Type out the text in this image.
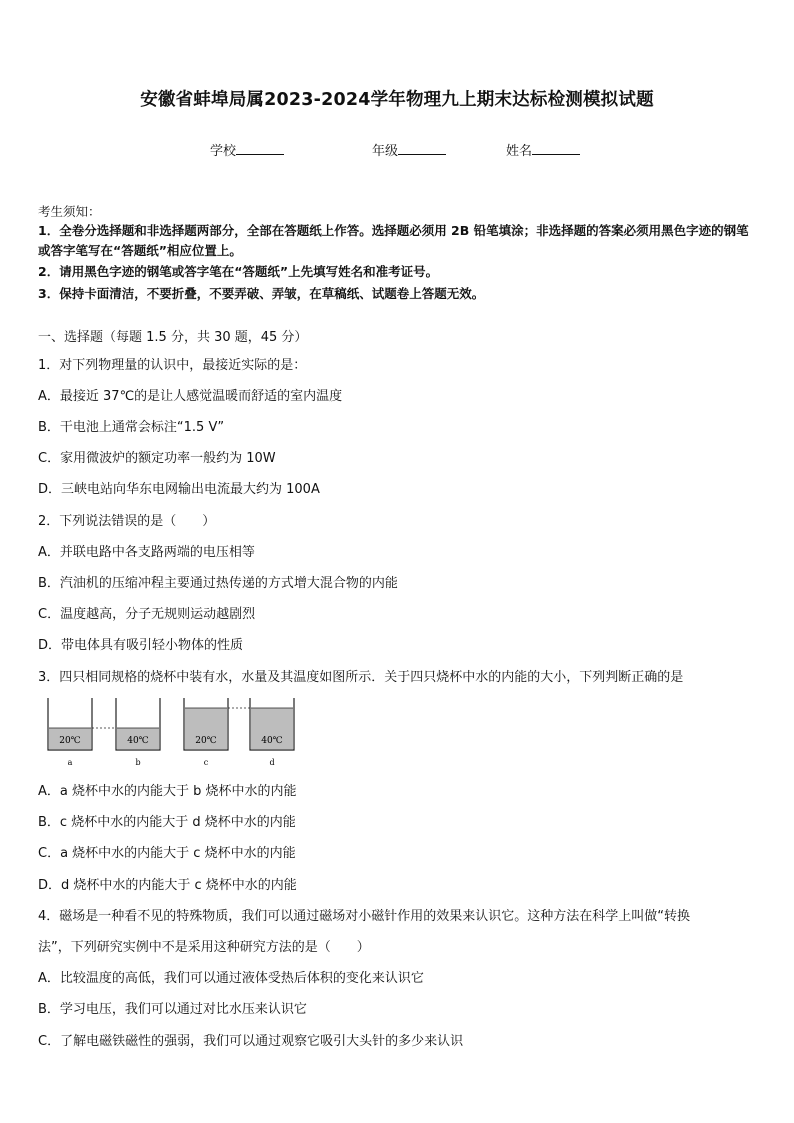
安徽省蚌埠局属2023-2024学年物理九上期末达标检测模拟试题
学校	年级	姓名
考生须知：
1．全卷分选择题和非选择题两部分，全部在答题纸上作答。选择题必须用 2B 铅笔填涂；非选择题的答案必须用黑色字迹的钢笔或答字笔写在“答题纸”相应位置上。
2．请用黑色字迹的钢笔或答字笔在“答题纸”上先填写姓名和准考证号。
3．保持卡面清洁，不要折叠，不要弄破、弄皱，在草稿纸、试题卷上答题无效。
一、选择题（每题 1.5 分，共 30 题，45 分）
1．对下列物理量的认识中，最接近实际的是：
A．最接近 37℃的是让人感觉温暖而舒适的室内温度
B．干电池上通常会标注“1.5 V”
C．家用微波炉的额定功率一般约为 10W
D．三峡电站向华东电网输出电流最大约为 100A
2．下列说法错误的是（　　）
A．并联电路中各支路两端的电压相等
B．汽油机的压缩冲程主要通过热传递的方式增大混合物的内能
C．温度越高，分子无规则运动越剧烈
D．带电体具有吸引轻小物体的性质
3．四只相同规格的烧杯中装有水，水量及其温度如图所示．关于四只烧杯中水的内能的大小，下列判断正确的是
20℃
a
40℃
b
20℃
c
40℃
d
A．a 烧杯中水的内能大于 b 烧杯中水的内能
B．c 烧杯中水的内能大于 d 烧杯中水的内能
C．a 烧杯中水的内能大于 c 烧杯中水的内能
D．d 烧杯中水的内能大于 c 烧杯中水的内能
4．磁场是一种看不见的特殊物质，我们可以通过磁场对小磁针作用的效果来认识它。这种方法在科学上叫做“转换
法”，下列研究实例中不是采用这种研究方法的是（　　）
A．比较温度的高低，我们可以通过液体受热后体积的变化来认识它
B．学习电压，我们可以通过对比水压来认识它
C．了解电磁铁磁性的强弱，我们可以通过观察它吸引大头针的多少来认识
